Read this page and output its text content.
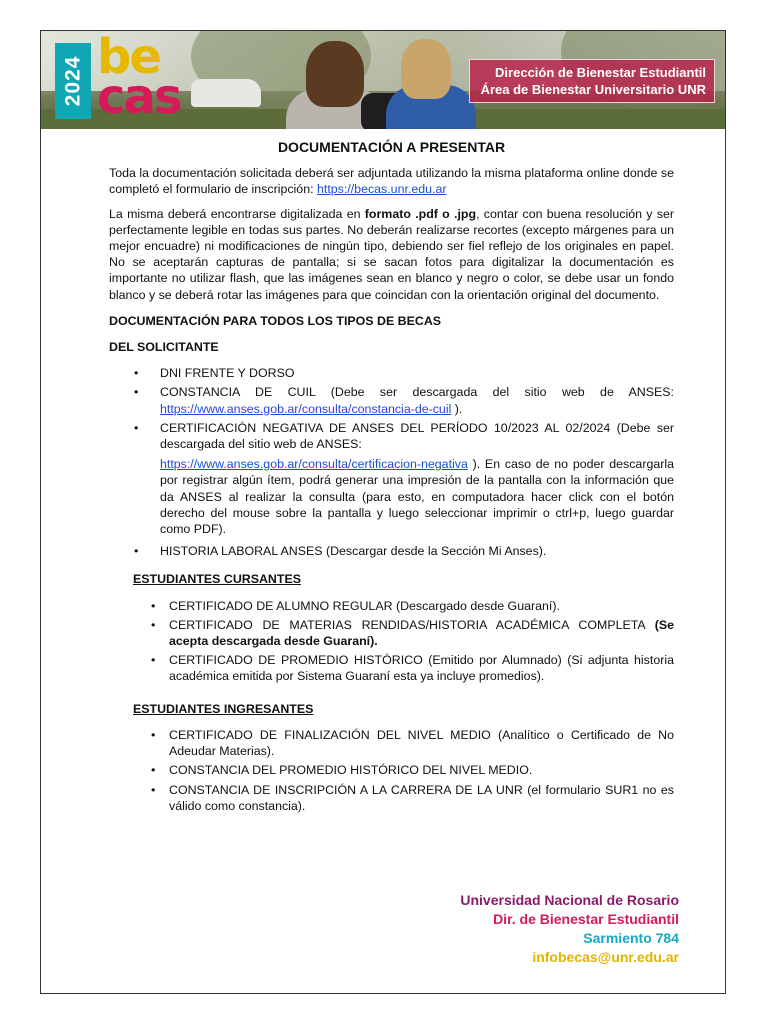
2024 be
cas	Dirección de Bienestar Estudiantil
Área de Bienestar Universitario UNR
DOCUMENTACIÓN A PRESENTAR

Toda la documentación solicitada deberá ser adjuntada utilizando la misma plataforma online donde se completó el formulario de inscripción: https://becas.unr.edu.ar

La misma deberá encontrarse digitalizada en formato .pdf o .jpg, contar con buena resolución y ser perfectamente legible en todas sus partes. No deberán realizarse recortes (excepto márgenes para un mejor encuadre) ni modificaciones de ningún tipo, debiendo ser fiel reflejo de los originales en papel. No se aceptarán capturas de pantalla; si se sacan fotos para digitalizar la documentación es importante no utilizar flash, que las imágenes sean en blanco y negro o color, se debe usar un fondo blanco y se deberá rotar las imágenes para que coincidan con la orientación original del documento.

DOCUMENTACIÓN PARA TODOS LOS TIPOS DE BECAS
DEL SOLICITANTE
• DNI FRENTE Y DORSO
• CONSTANCIA DE CUIL (Debe ser descargada del sitio web de ANSES: https://www.anses.gob.ar/consulta/constancia-de-cuil ).
• CERTIFICACIÓN NEGATIVA DE ANSES DEL PERÍODO 10/2023 AL 02/2024 (Debe ser descargada del sitio web de ANSES:
https://www.anses.gob.ar/consulta/certificacion-negativa ). En caso de no poder descargarla por registrar algún ítem, podrá generar una impresión de la pantalla con la información que da ANSES al realizar la consulta (para esto, en computadora hacer click con el botón derecho del mouse sobre la pantalla y luego seleccionar imprimir o ctrl+p, luego guardar como PDF).
• HISTORIA LABORAL ANSES (Descargar desde la Sección Mi Anses).
ESTUDIANTES CURSANTES
• CERTIFICADO DE ALUMNO REGULAR (Descargado desde Guaraní).
• CERTIFICADO DE MATERIAS RENDIDAS/HISTORIA ACADÉMICA COMPLETA (Se acepta descargada desde Guaraní).
• CERTIFICADO DE PROMEDIO HISTÓRICO (Emitido por Alumnado) (Si adjunta historia académica emitida por Sistema Guaraní esta ya incluye promedios).
ESTUDIANTES INGRESANTES
• CERTIFICADO DE FINALIZACIÓN DEL NIVEL MEDIO (Analítico o Certificado de No Adeudar Materias).
• CONSTANCIA DEL PROMEDIO HISTÓRICO DEL NIVEL MEDIO.
• CONSTANCIA DE INSCRIPCIÓN A LA CARRERA DE LA UNR (el formulario SUR1 no es válido como constancia).
Universidad Nacional de Rosario
Dir. de Bienestar Estudiantil
Sarmiento 784
infobecas@unr.edu.ar
